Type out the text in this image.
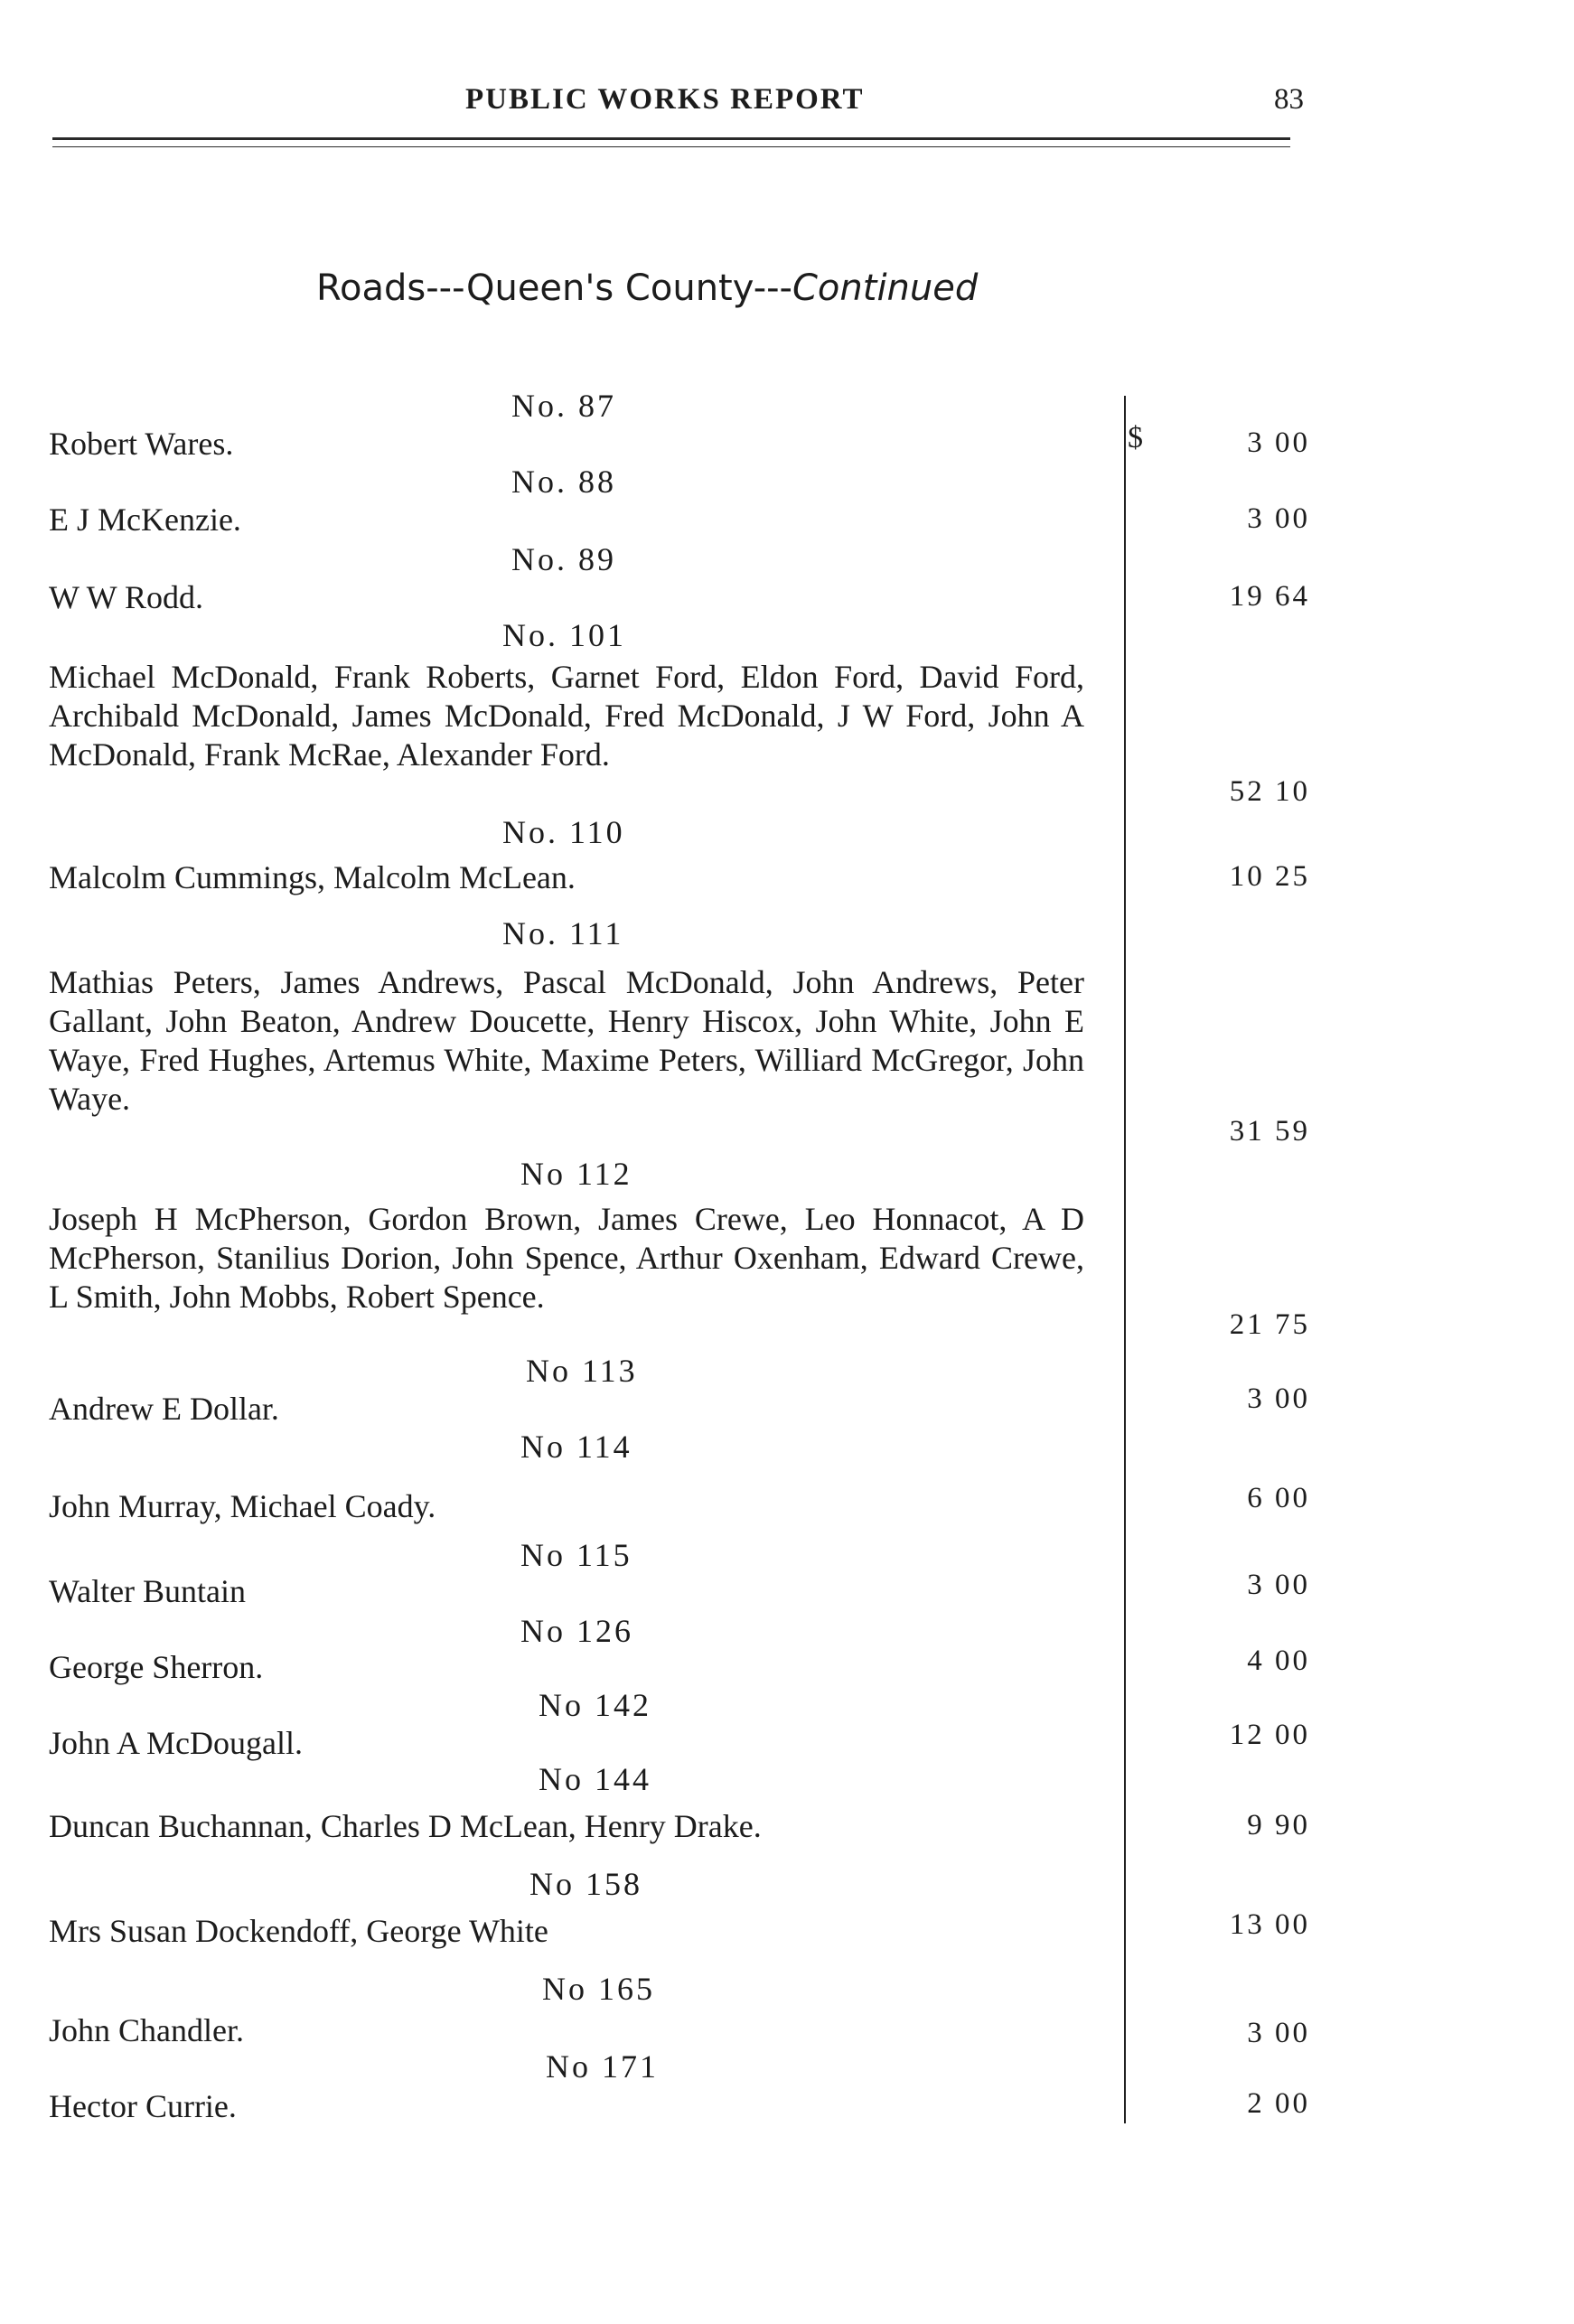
PUBLIC WORKS REPORT	83
Roads---Queen's County---Continued
$
No. 87
Robert Wares.	3 00
No. 88
E J McKenzie.	3 00
No. 89
W W Rodd.	19 64
No. 101
Michael McDonald, Frank Roberts, Garnet Ford, Eldon Ford, David Ford, Archibald McDonald, James McDonald, Fred McDonald, J W Ford, John A McDonald, Frank McRae, Alexander Ford.
52 10
No. 110
Malcolm Cummings, Malcolm McLean.	10 25
No. 111
Mathias Peters, James Andrews, Pascal McDonald, John Andrews, Peter Gallant, John Beaton, Andrew Doucette, Henry Hiscox, John White, John E Waye, Fred Hughes, Artemus White, Maxime Peters, Williard McGregor, John Waye.
31 59
No 112
Joseph H McPherson, Gordon Brown, James Crewe, Leo Honnacot, A D McPherson, Stanilius Dorion, John Spence, Arthur Oxenham, Edward Crewe, L Smith, John Mobbs, Robert Spence.
21 75
No 113
Andrew E Dollar.	3 00
No 114
John Murray, Michael Coady.	6 00
No 115
Walter Buntain	3 00
No 126
George Sherron.	4 00
No 142
John A McDougall.	12 00
No 144
Duncan Buchannan, Charles D McLean, Henry Drake.	9 90
No 158
Mrs Susan Dockendoff, George White	13 00
No 165
John Chandler.	3 00
No 171
Hector Currie.	2 00
